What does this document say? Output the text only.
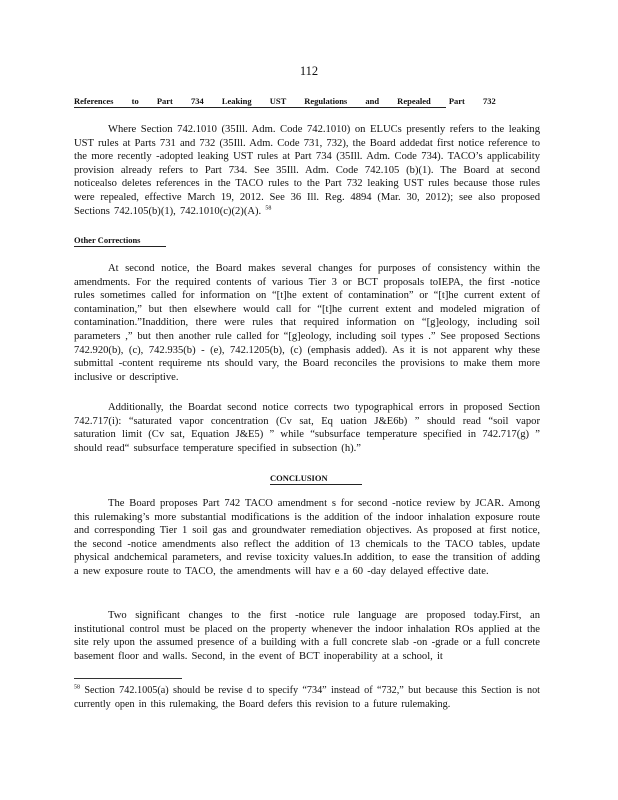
112
References to Part 734 Leaking UST Regulations and Repealed Part 732
Where Section 742.1010 (35Ill. Adm. Code 742.1010) on ELUCs presently refers to the leaking UST rules at Parts 731 and 732 (35Ill. Adm. Code 731, 732), the Board addedat first notice reference to the more recently -adopted leaking UST rules at Part 734 (35Ill. Adm. Code 734). TACO’s applicability provision already refers to Part 734. See 35Ill. Adm. Code 742.105 (b)(1). The Board at second noticealso deletes references in the TACO rules to the Part 732 leaking UST rules because those rules were repealed, effective March 19, 2012. See 36 Ill. Reg. 4894 (Mar. 30, 2012); see also proposed Sections 742.105(b)(1), 742.1010(c)(2)(A). $^{58}$
Other Corrections
At second notice, the Board makes several changes for purposes of consistency within the amendments. For the required contents of various Tier 3 or BCT proposals toIEPA, the first -notice rules sometimes called for information on “[t]he extent of contamination” or “[t]he current extent of contamination,” but then elsewhere would call for “[t]he current extent and modeled migration of contamination.”Inaddition, there were rules that required information on “[g]eology, including soil parameters ,” but then another rule called for “[g]eology, including soil types .” See proposed Sections 742.920(b), (c), 742.935(b) - (e), 742.1205(b), (c) (emphasis added). As it is not apparent why these submittal -content requireme nts should vary, the Board reconciles the provisions to make them more inclusive or descriptive.
Additionally, the Boardat second notice corrects two typographical errors in proposed Section 742.717(i): “saturated vapor concentration (Cv sat, Eq uation J&E6b) ” should read “soil vapor saturation limit (Cv sat, Equation J&E5) ” while “subsurface temperature specified in 742.717(g) ” should read“ subsurface temperature specified in subsection (h).”
CONCLUSION
The Board proposes Part 742 TACO amendment s for second -notice review by JCAR. Among this rulemaking’s more substantial modifications is the addition of the indoor inhalation exposure route and corresponding Tier 1 soil gas and groundwater remediation objectives. As proposed at first notice, the second -notice amendments also reflect the addition of 13 chemicals to the TACO tables, update physical andchemical parameters, and revise toxicity values.In addition, to ease the transition of adding a new exposure route to TACO, the amendments will hav e a 60 -day delayed effective date.
Two significant changes to the first -notice rule language are proposed today.First, an institutional control must be placed on the property whenever the indoor inhalation ROs applied at the site rely upon the assumed presence of a building with a full concrete slab -on -grade or a full concrete basement floor and walls. Second, in the event of BCT inoperability at a school, it
$^{58}$ Section 742.1005(a) should be revise d to specify “734” instead of “732,” but because this Section is not currently open in this rulemaking, the Board defers this revision to a future rulemaking.
